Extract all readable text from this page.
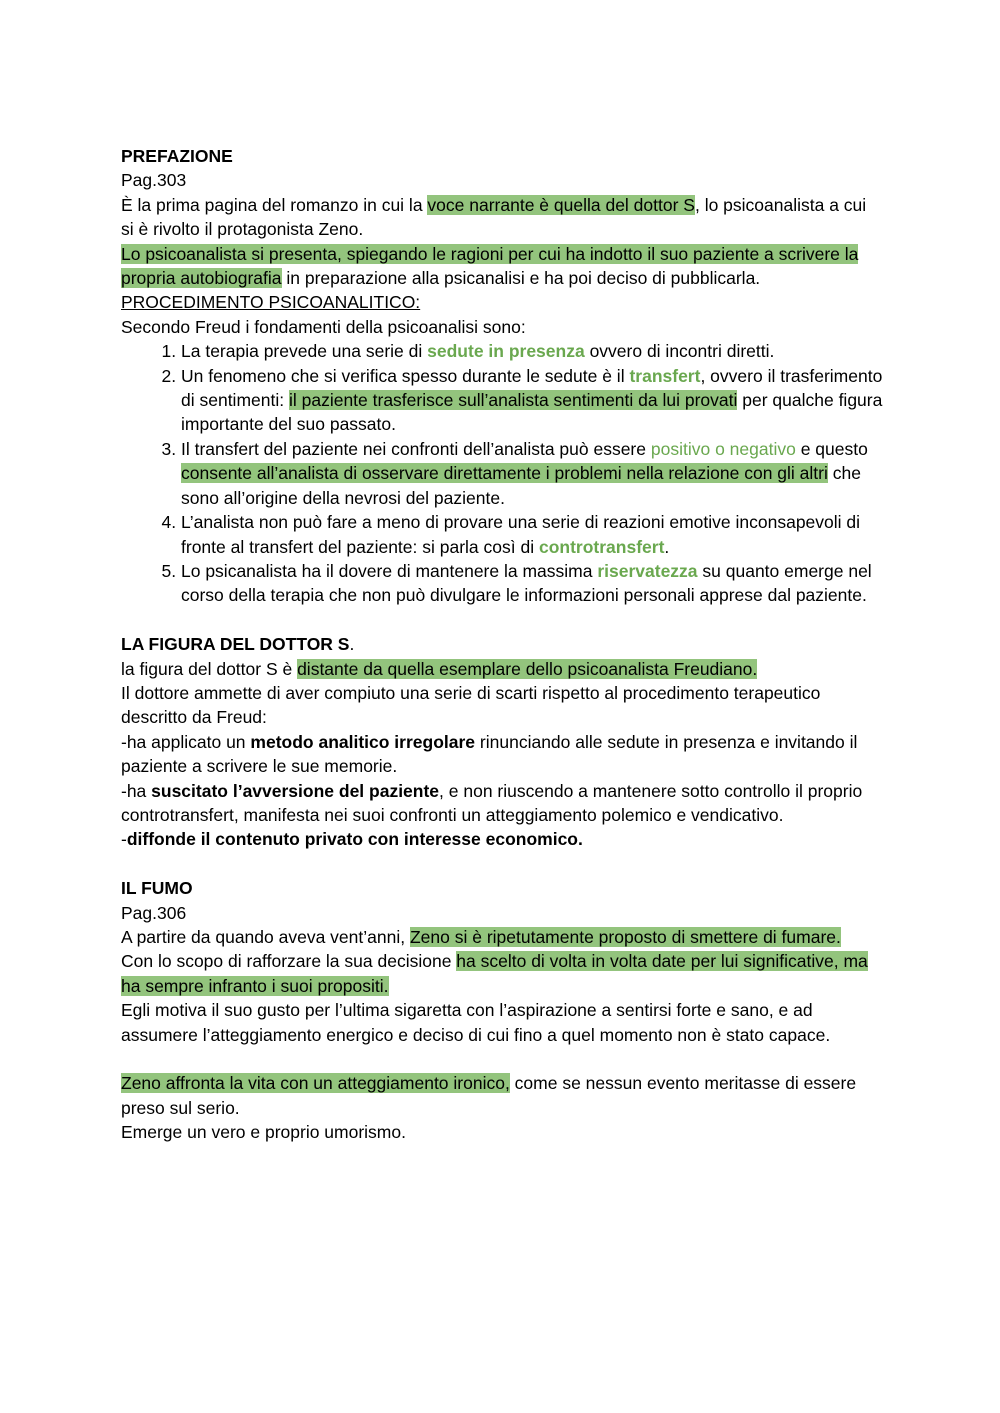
PREFAZIONE

Pag.303

È la prima pagina del romanzo in cui la voce narrante è quella del dottor S, lo psicoanalista a cui si è rivolto il protagonista Zeno.

Lo psicoanalista si presenta, spiegando le ragioni per cui ha indotto il suo paziente a scrivere la propria autobiografia in preparazione alla psicanalisi e ha poi deciso di pubblicarla.

PROCEDIMENTO PSICOANALITICO:

Secondo Freud i fondamenti della psicoanalisi sono:

1. La terapia prevede una serie di sedute in presenza ovvero di incontri diretti.
2. Un fenomeno che si verifica spesso durante le sedute è il transfert, ovvero il trasferimento di sentimenti: il paziente trasferisce sull’analista sentimenti da lui provati per qualche figura importante del suo passato.
3. Il transfert del paziente nei confronti dell’analista può essere positivo o negativo e questo consente all’analista di osservare direttamente i problemi nella relazione con gli altri che sono all’origine della nevrosi del paziente.
4. L’analista non può fare a meno di provare una serie di reazioni emotive inconsapevoli di fronte al transfert del paziente: si parla così di controtransfert.
5. Lo psicanalista ha il dovere di mantenere la massima riservatezza su quanto emerge nel corso della terapia che non può divulgare le informazioni personali apprese dal paziente.

LA FIGURA DEL DOTTOR S.

la figura del dottor S è distante da quella esemplare dello psicoanalista Freudiano.

Il dottore ammette di aver compiuto una serie di scarti rispetto al procedimento terapeutico descritto da Freud:

-ha applicato un metodo analitico irregolare rinunciando alle sedute in presenza e invitando il paziente a scrivere le sue memorie.

-ha suscitato l’avversione del paziente, e non riuscendo a mantenere sotto controllo il proprio controtransfert, manifesta nei suoi confronti un atteggiamento polemico e vendicativo.

-diffonde il contenuto privato con interesse economico.

IL FUMO

Pag.306

A partire da quando aveva vent’anni, Zeno si è ripetutamente proposto di smettere di fumare.

Con lo scopo di rafforzare la sua decisione ha scelto di volta in volta date per lui significative, ma ha sempre infranto i suoi propositi.

Egli motiva il suo gusto per l’ultima sigaretta con l’aspirazione a sentirsi forte e sano, e ad assumere l’atteggiamento energico e deciso di cui fino a quel momento non è stato capace.

Zeno affronta la vita con un atteggiamento ironico, come se nessun evento meritasse di essere preso sul serio.

Emerge un vero e proprio umorismo.
